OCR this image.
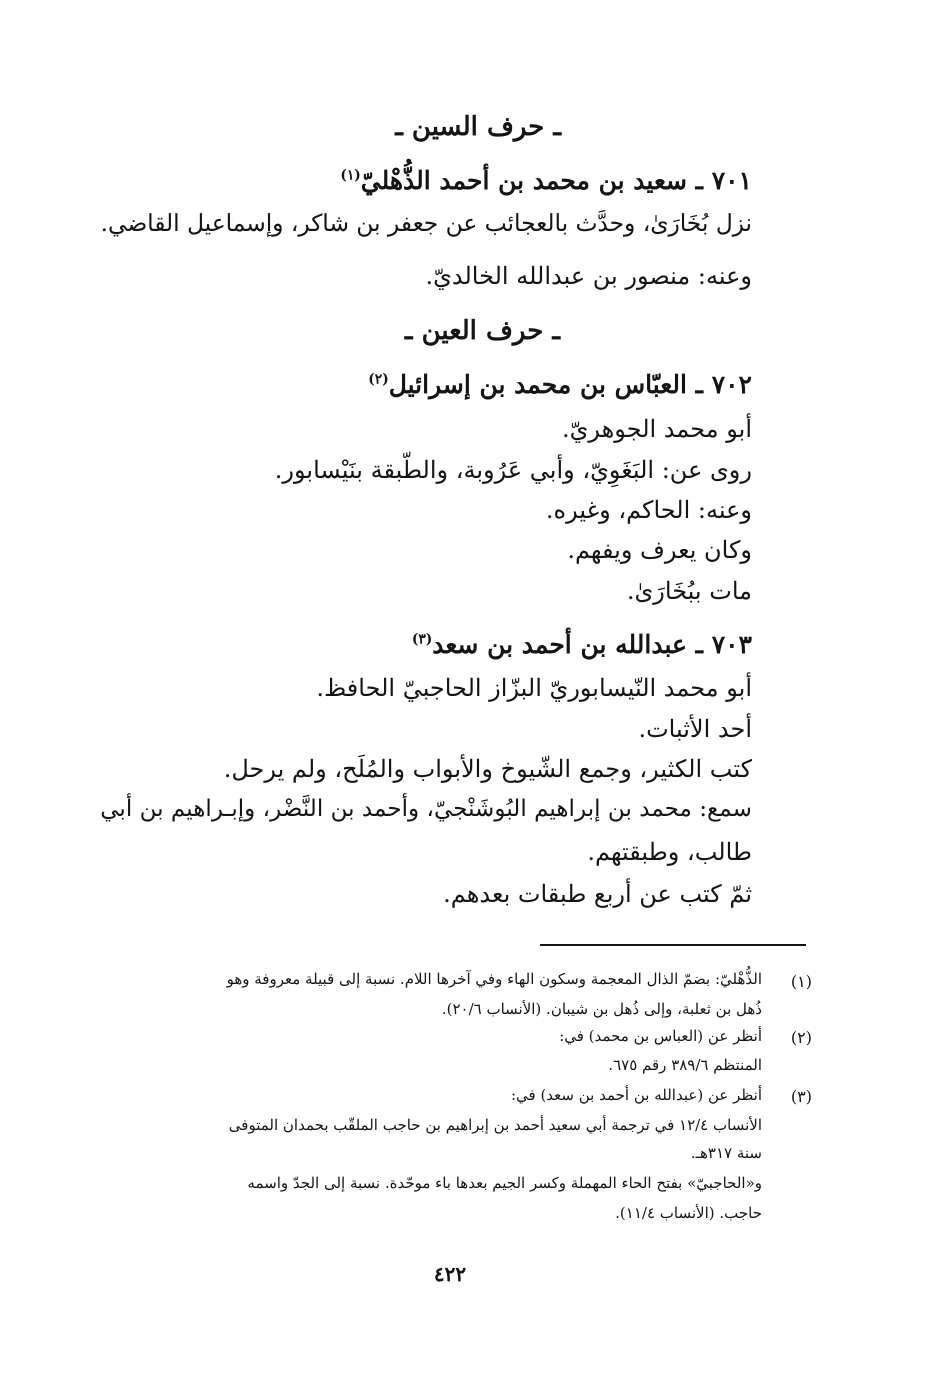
ـ حرف السين ـ
٧٠١ ـ سعيد بن محمد بن أحمد الذُّهْليّ$^{(١)}$
نزل بُخَارَىٰ، وحدَّث بالعجائب عن جعفر بن شاكر، وإسماعيل القاضي.
وعنه: منصور بن عبدالله الخالديّ.
ـ حرف العين ـ
٧٠٢ ـ العبّاس بن محمد بن إسرائيل$^{(٢)}$
أبو محمد الجوهريّ.
روى عن: البَغَوِيّ، وأبي عَرُوبة، والطّبقة بنَيْسابور.
وعنه: الحاكم، وغيره.
وكان يعرف ويفهم.
مات ببُخَارَىٰ.
٧٠٣ ـ عبدالله بن أحمد بن سعد$^{(٣)}$
أبو محمد النّيسابوريّ البزّاز الحاجبيّ الحافظ.
أحد الأثبات.
كتب الكثير، وجمع الشّيوخ والأبواب والمُلَح، ولم يرحل.
سمع: محمد بن إبراهيم البُوشَنْجيّ، وأحمد بن النَّضْر، وإبـراهيم بن أبي
طالب، وطبقتهم.
ثمّ كتب عن أربع طبقات بعدهم.
(١)
الذُّهْليّ: بضمّ الذال المعجمة وسكون الهاء وفي آخرها اللام. نسبة إلى قبيلة معروفة وهو
ذُهل بن ثعلبة، وإلى ذُهل بن شيبان. (الأنساب ٢٠/٦).
(٢)
أنظر عن (العباس بن محمد) في:
المنتظم ٣٨٩/٦ رقم ٦٧٥.
(٣)
أنظر عن (عبدالله بن أحمد بن سعد) في:
الأنساب ١٢/٤ في ترجمة أبي سعيد أحمد بن إبراهيم بن حاجب الملقّب بحمدان المتوفى
سنة ٣١٧هـ.
و«الحاجبيّ» بفتح الحاء المهملة وكسر الجيم بعدها باء موحّدة. نسبة إلى الجدّ واسمه
حاجب. (الأنساب ١١/٤).
٤٢٢
